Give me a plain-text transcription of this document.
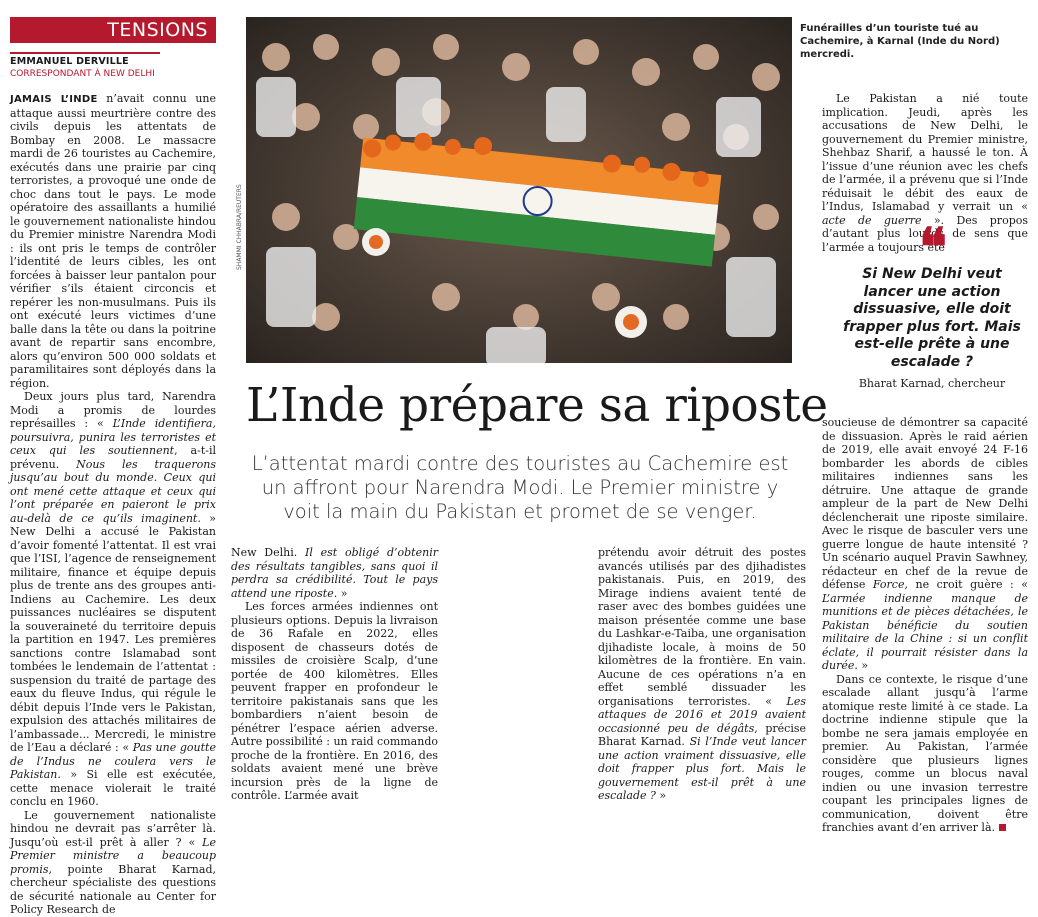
TENSIONS
EMMANUEL DERVILLE
CORRESPONDANT À NEW DELHI

JAMAIS L’INDE n’avait connu une attaque aussi meurtrière contre des civils depuis les attentats de Bombay en 2008. Le massacre mardi de 26 touristes au Cachemire, exécutés dans une prairie par cinq terroristes, a provoqué une onde de choc dans tout le pays. Le mode opératoire des assaillants a humilié le gouvernement nationaliste hindou du Premier ministre Narendra Modi : ils ont pris le temps de contrôler l’identité de leurs cibles, les ont forcées à baisser leur pantalon pour vérifier s’ils étaient circoncis et repérer les non-musulmans. Puis ils ont exécuté leurs victimes d’une balle dans la tête ou dans la poitrine avant de repartir sans encombre, alors qu’environ 500 000 soldats et paramilitaires sont déployés dans la région.

Deux jours plus tard, Narendra Modi a promis de lourdes représailles : « L’Inde identifiera, poursuivra, punira les terroristes et ceux qui les soutiennent, a-t-il prévenu. Nous les traquerons jusqu’au bout du monde. Ceux qui ont mené cette attaque et ceux qui l’ont préparée en paieront le prix au-delà de ce qu’ils imaginent. » New Delhi a accusé le Pakistan d’avoir fomenté l’attentat. Il est vrai que l’ISI, l’agence de renseignement militaire, finance et équipe depuis plus de trente ans des groupes anti-Indiens au Cachemire. Les deux puissances nucléaires se disputent la souveraineté du territoire depuis la partition en 1947. Les premières sanctions contre Islamabad sont tombées le lendemain de l’attentat : suspension du traité de partage des eaux du fleuve Indus, qui régule le débit depuis l’Inde vers le Pakistan, expulsion des attachés militaires de l’ambassade... Mercredi, le ministre de l’Eau a déclaré : « Pas une goutte de l’Indus ne coulera vers le Pakistan. » Si elle est exécutée, cette menace violerait le traité conclu en 1960.

Le gouvernement nationaliste hindou ne devrait pas s’arrêter là. Jusqu’où est-il prêt à aller ? « Le Premier ministre a beaucoup promis, pointe Bharat Karnad, chercheur spécialiste des questions de sécurité nationale au Center for Policy Research de

SHAMMI CHHABRA/REUTERS
Funérailles d’un touriste tué au Cachemire, à Karnal (Inde du Nord) mercredi.

Le Pakistan a nié toute implication. Jeudi, après les accusations de New Delhi, le gouvernement du Premier ministre, Shehbaz Sharif, a haussé le ton. À l’issue d’une réunion avec les chefs de l’armée, il a prévenu que si l’Inde réduisait le débit des eaux de l’Indus, Islamabad y verrait un « acte de guerre ». Des propos d’autant plus lourds de sens que l’armée a toujours été

❝
Si New Delhi veut lancer une action dissuasive, elle doit frapper plus fort. Mais est-elle prête à une escalade ?
Bharat Karnad, chercheur
L’Inde prépare sa riposte
L’attentat mardi contre des touristes au Cachemire est un affront pour Narendra Modi. Le Premier ministre y voit la main du Pakistan et promet de se venger.

New Delhi. Il est obligé d’obtenir des résultats tangibles, sans quoi il perdra sa crédibilité. Tout le pays attend une riposte. »

Les forces armées indiennes ont plusieurs options. Depuis la livraison de 36 Rafale en 2022, elles disposent de chasseurs dotés de missiles de croisière Scalp, d’une portée de 400 kilomètres. Elles peuvent frapper en profondeur le territoire pakistanais sans que les bombardiers n’aient besoin de pénétrer l’espace aérien adverse. Autre possibilité : un raid commando proche de la frontière. En 2016, des soldats avaient mené une brève incursion près de la ligne de contrôle. L’armée avait

prétendu avoir détruit des postes avancés utilisés par des djihadistes pakistanais. Puis, en 2019, des Mirage indiens avaient tenté de raser avec des bombes guidées une maison présentée comme une base du Lashkar-e-Taiba, une organisation djihadiste locale, à moins de 50 kilomètres de la frontière. En vain. Aucune de ces opérations n’a en effet semblé dissuader les organisations terroristes. « Les attaques de 2016 et 2019 avaient occasionné peu de dégâts, précise Bharat Karnad. Si l’Inde veut lancer une action vraiment dissuasive, elle doit frapper plus fort. Mais le gouvernement est-il prêt à une escalade ? »

soucieuse de démontrer sa capacité de dissuasion. Après le raid aérien de 2019, elle avait envoyé 24 F-16 bombarder les abords de cibles militaires indiennes sans les détruire. Une attaque de grande ampleur de la part de New Delhi déclencherait une riposte similaire. Avec le risque de basculer vers une guerre longue de haute intensité ? Un scénario auquel Pravin Sawhney, rédacteur en chef de la revue de défense Force, ne croit guère : « L’armée indienne manque de munitions et de pièces détachées, le Pakistan bénéficie du soutien militaire de la Chine : si un conflit éclate, il pourrait résister dans la durée. »

Dans ce contexte, le risque d’une escalade allant jusqu’à l’arme atomique reste limité à ce stade. La doctrine indienne stipule que la bombe ne sera jamais employée en premier. Au Pakistan, l’armée considère que plusieurs lignes rouges, comme un blocus naval indien ou une invasion terrestre coupant les principales lignes de communication, doivent être franchies avant d’en arriver là.
